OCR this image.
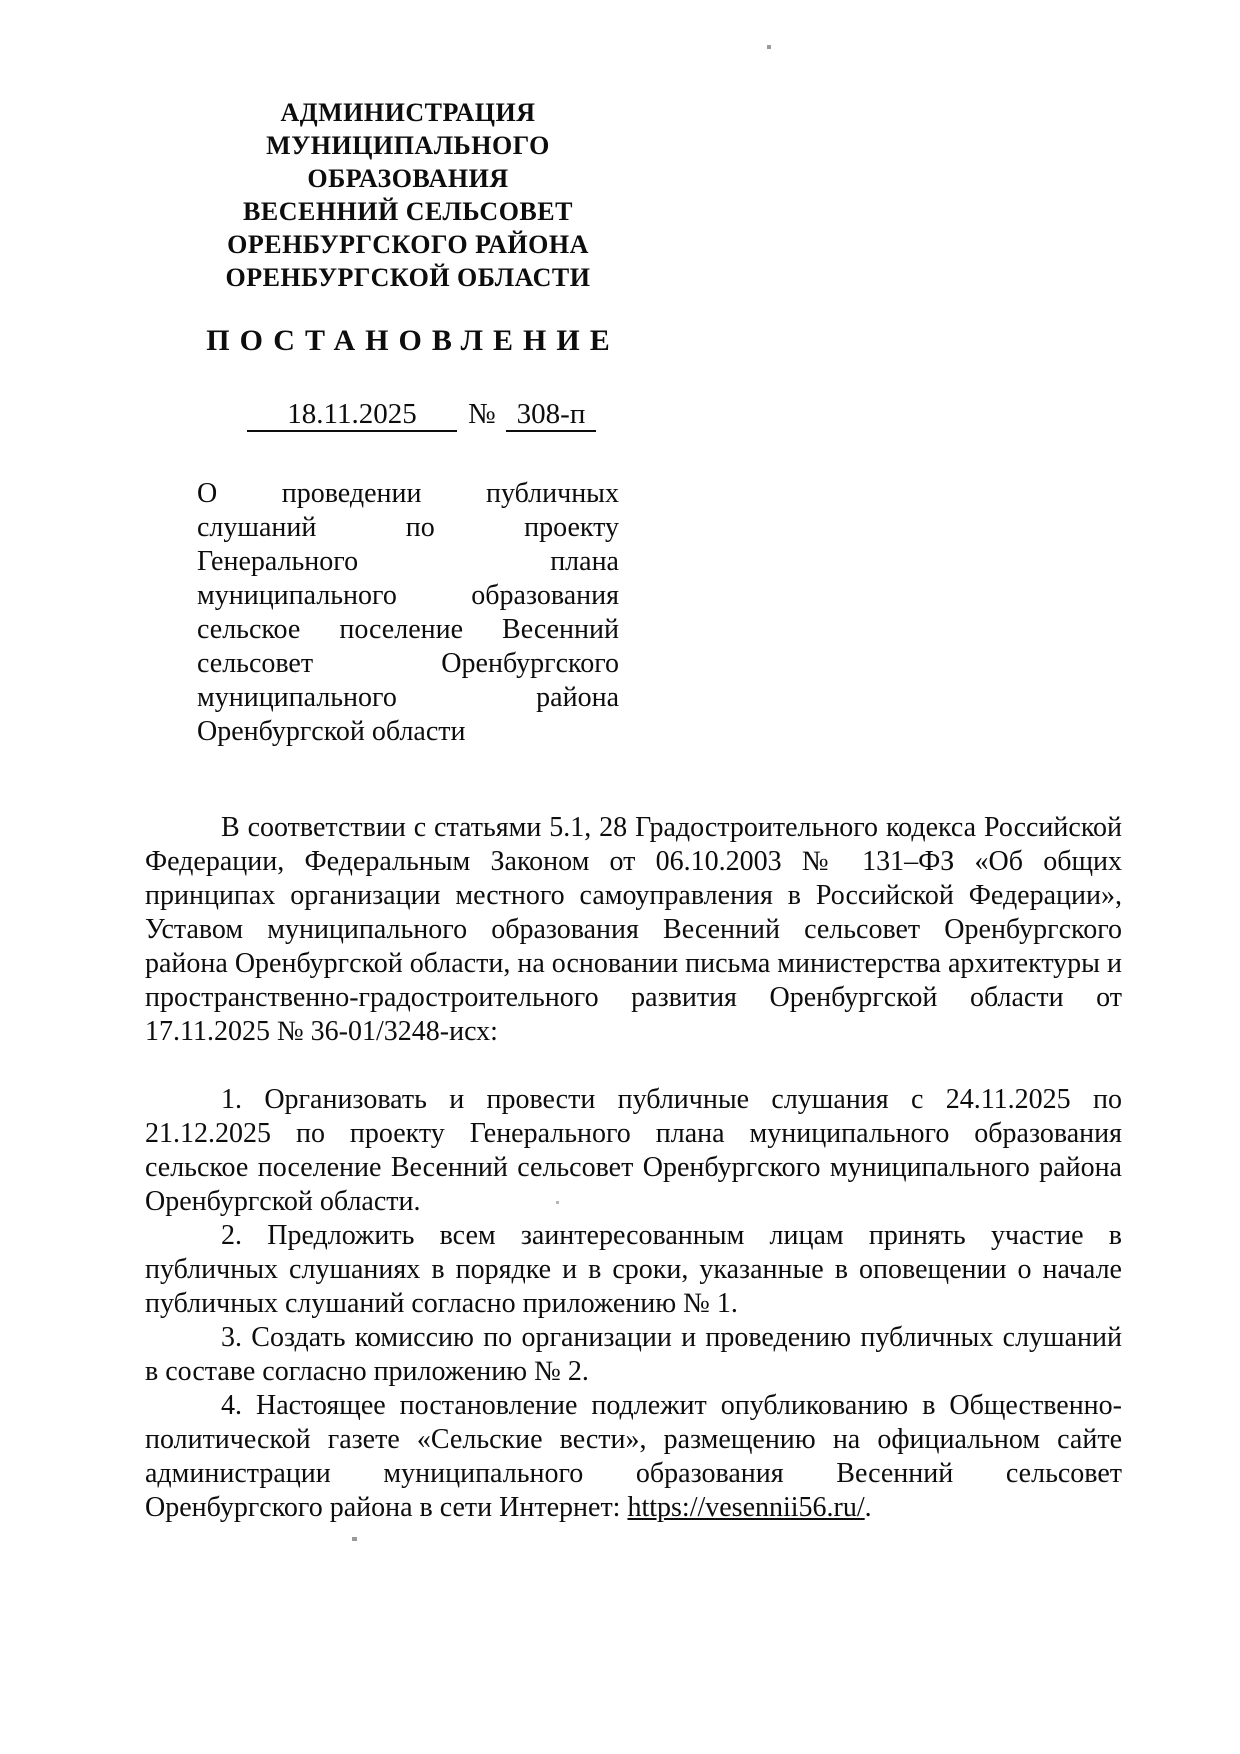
АДМИНИСТРАЦИЯ
МУНИЦИПАЛЬНОГО
ОБРАЗОВАНИЯ
ВЕСЕННИЙ СЕЛЬСОВЕТ
ОРЕНБУРГСКОГО РАЙОНА
ОРЕНБУРГСКОЙ ОБЛАСТИ
ПОСТАНОВЛЕНИЕ
18.11.2025	№ 308-п
О проведении публичных слушаний по проекту Генерального плана муниципального образования сельское поселение Весенний сельсовет Оренбургского муниципального района Оренбургской области

В соответствии с статьями 5.1, 28 Градостроительного кодекса Российской Федерации, Федеральным Законом от 06.10.2003 № 131–ФЗ «Об общих принципах организации местного самоуправления в Российской Федерации», Уставом муниципального образования Весенний сельсовет Оренбургского района Оренбургской области, на основании письма министерства архитектуры и пространственно-градостроительного развития Оренбургской области от 17.11.2025 № 36-01/3248-исх:

1. Организовать и провести публичные слушания с 24.11.2025 по 21.12.2025 по проекту Генерального плана муниципального образования сельское поселение Весенний сельсовет Оренбургского муниципального района Оренбургской области.

2. Предложить всем заинтересованным лицам принять участие в публичных слушаниях в порядке и в сроки, указанные в оповещении о начале публичных слушаний согласно приложению № 1.

3. Создать комиссию по организации и проведению публичных слушаний в составе согласно приложению № 2.

4. Настоящее постановление подлежит опубликованию в Общественно-политической газете «Сельские вести», размещению на официальном сайте администрации муниципального образования Весенний сельсовет Оренбургского района в сети Интернет: https://vesennii56.ru/.
